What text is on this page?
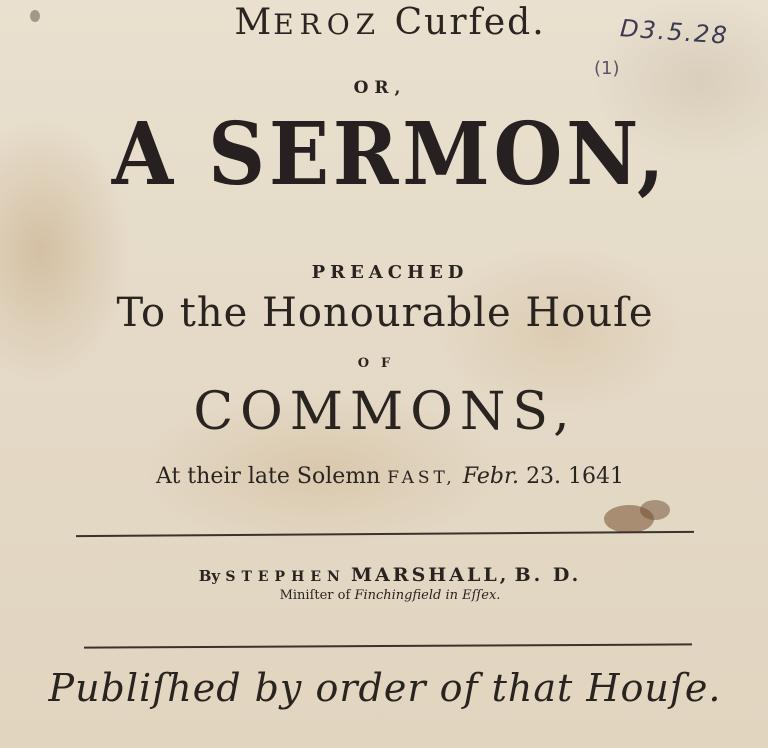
D3.5.28
(1)
MEROZ Curfed.
OR,
A SERMON,
PREACHED
To the Honourable Houſe
OF
COMMONS,
At their late Solemn FAST, Febr. 23. 1641
By STEPHEN MARSHALL, B. D.
Miniſter of Finchingfield in Eſſex.
Publiſhed by order of that Houſe.
